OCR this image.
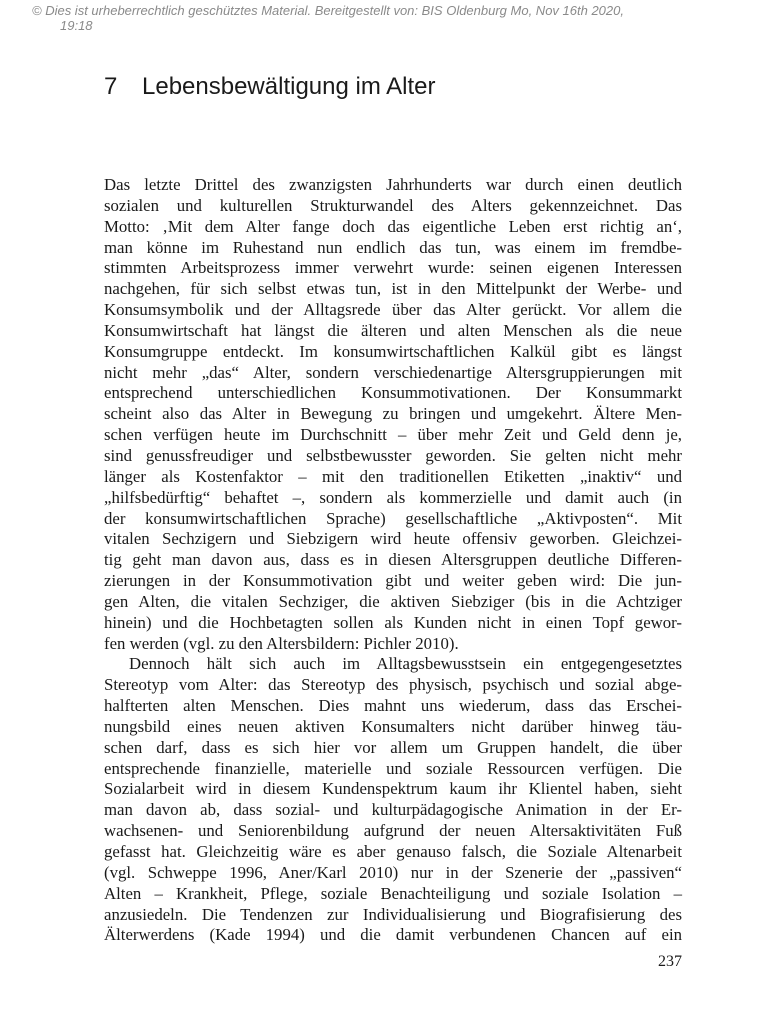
© Dies ist urheberrechtlich geschütztes Material. Bereitgestellt von: BIS Oldenburg Mo, Nov 16th 2020,
19:18
7 Lebensbewältigung im Alter
Das letzte Drittel des zwanzigsten Jahrhunderts war durch einen deutlich
sozialen und kulturellen Strukturwandel des Alters gekennzeichnet. Das
Motto: ‚Mit dem Alter fange doch das eigentliche Leben erst richtig an‘,
man könne im Ruhestand nun endlich das tun, was einem im fremdbe-
stimmten Arbeitsprozess immer verwehrt wurde: seinen eigenen Interessen
nachgehen, für sich selbst etwas tun, ist in den Mittelpunkt der Werbe- und
Konsumsymbolik und der Alltagsrede über das Alter gerückt. Vor allem die
Konsumwirtschaft hat längst die älteren und alten Menschen als die neue
Konsumgruppe entdeckt. Im konsumwirtschaftlichen Kalkül gibt es längst
nicht mehr „das“ Alter, sondern verschiedenartige Altersgruppierungen mit
entsprechend unterschiedlichen Konsummotivationen. Der Konsummarkt
scheint also das Alter in Bewegung zu bringen und umgekehrt. Ältere Men-
schen verfügen heute im Durchschnitt – über mehr Zeit und Geld denn je,
sind genussfreudiger und selbstbewusster geworden. Sie gelten nicht mehr
länger als Kostenfaktor – mit den traditionellen Etiketten „inaktiv“ und
„hilfsbedürftig“ behaftet –, sondern als kommerzielle und damit auch (in
der konsumwirtschaftlichen Sprache) gesellschaftliche „Aktivposten“. Mit
vitalen Sechzigern und Siebzigern wird heute offensiv geworben. Gleichzei-
tig geht man davon aus, dass es in diesen Altersgruppen deutliche Differen-
zierungen in der Konsummotivation gibt und weiter geben wird: Die jun-
gen Alten, die vitalen Sechziger, die aktiven Siebziger (bis in die Achtziger
hinein) und die Hochbetagten sollen als Kunden nicht in einen Topf gewor-
fen werden (vgl. zu den Altersbildern: Pichler 2010).
Dennoch hält sich auch im Alltagsbewusstsein ein entgegengesetztes
Stereotyp vom Alter: das Stereotyp des physisch, psychisch und sozial abge-
halfterten alten Menschen. Dies mahnt uns wiederum, dass das Erschei-
nungsbild eines neuen aktiven Konsumalters nicht darüber hinweg täu-
schen darf, dass es sich hier vor allem um Gruppen handelt, die über
entsprechende finanzielle, materielle und soziale Ressourcen verfügen. Die
Sozialarbeit wird in diesem Kundenspektrum kaum ihr Klientel haben, sieht
man davon ab, dass sozial- und kulturpädagogische Animation in der Er-
wachsenen- und Seniorenbildung aufgrund der neuen Altersaktivitäten Fuß
gefasst hat. Gleichzeitig wäre es aber genauso falsch, die Soziale Altenarbeit
(vgl. Schweppe 1996, Aner/Karl 2010) nur in der Szenerie der „passiven“
Alten – Krankheit, Pflege, soziale Benachteiligung und soziale Isolation –
anzusiedeln. Die Tendenzen zur Individualisierung und Biografisierung des
Älterwerdens (Kade 1994) und die damit verbundenen Chancen auf ein
237
